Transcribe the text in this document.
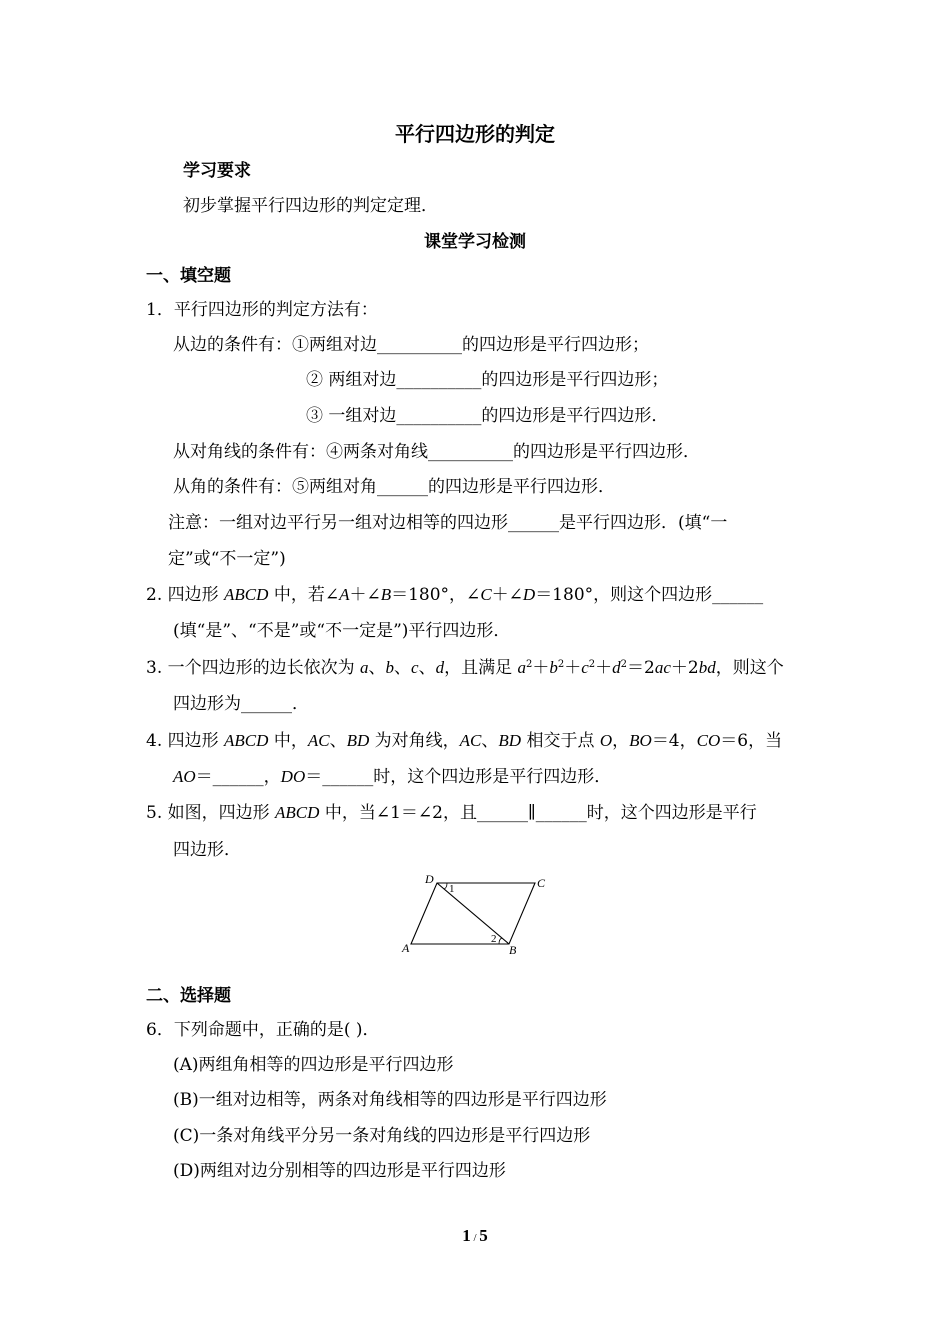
平行四边形的判定
学习要求
初步掌握平行四边形的判定定理．
课堂学习检测
一、填空题
1．平行四边形的判定方法有：
从边的条件有：①两组对边__________的四边形是平行四边形；
② 两组对边__________的四边形是平行四边形；
③ 一组对边__________的四边形是平行四边形．
从对角线的条件有：④两条对角线__________的四边形是平行四边形．
从角的条件有：⑤两组对角______的四边形是平行四边形．
注意：一组对边平行另一组对边相等的四边形______是平行四边形．(填“一
定”或“不一定”)
2. 四边形 ABCD 中，若∠A＋∠B＝180°，∠C＋∠D＝180°，则这个四边形______
(填“是”、“不是”或“不一定是”)平行四边形．
3. 一个四边形的边长依次为 a、b、c、d，且满足 $a^2+b^2+c^2+d^2=2ac+2bd$，则这个
四边形为______．
4. 四边形 ABCD 中，AC、BD 为对角线，AC、BD 相交于点 O，BO＝4，CO＝6，当
AO＝______，DO＝______时，这个四边形是平行四边形．
5. 如图，四边形 ABCD 中，当∠1＝∠2，且______∥______时，这个四边形是平行
四边形．
D	C
A	B
1
2
二、选择题
6．下列命题中，正确的是( )．
(A)两组角相等的四边形是平行四边形
(B)一组对边相等，两条对角线相等的四边形是平行四边形
(C)一条对角线平分另一条对角线的四边形是平行四边形
(D)两组对边分别相等的四边形是平行四边形
1 / 5
